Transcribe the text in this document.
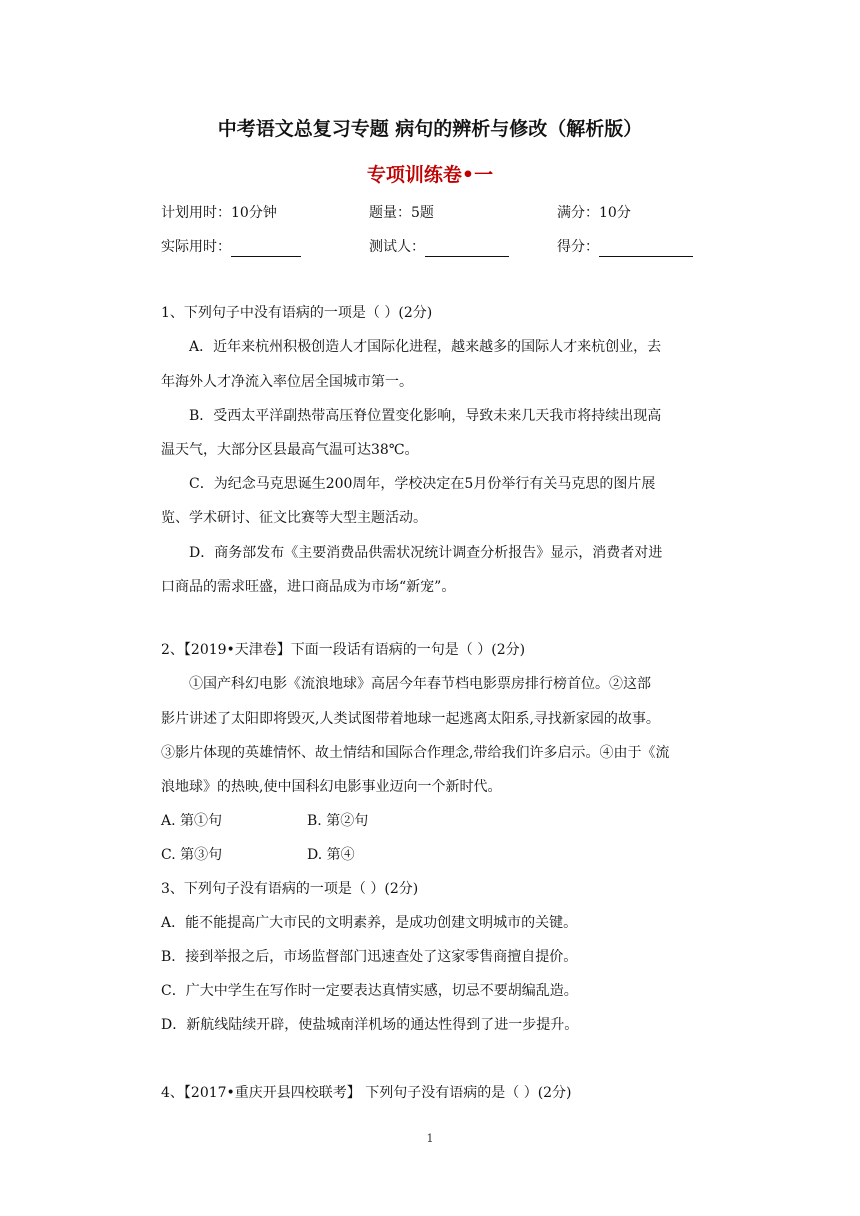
中考语文总复习专题 病句的辨析与修改（解析版）
专项训练卷•一
计划用时：10分钟	题量：5题	满分：10分
实际用时：	测试人：	得分：
1、下列句子中没有语病的一项是（ ）(2分)
A．近年来杭州积极创造人才国际化进程，越来越多的国际人才来杭创业，去
年海外人才净流入率位居全国城市第一。
B．受西太平洋副热带高压脊位置变化影响，导致未来几天我市将持续出现高
温天气，大部分区县最高气温可达38℃。
C．为纪念马克思诞生200周年，学校决定在5月份举行有关马克思的图片展
览、学术研讨、征文比赛等大型主题活动。
D．商务部发布《主要消费品供需状况统计调查分析报告》显示，消费者对进
口商品的需求旺盛，进口商品成为市场“新宠”。
2、【2019•天津卷】下面一段话有语病的一句是（ ）(2分)
①国产科幻电影《流浪地球》高居今年春节档电影票房排行榜首位。②这部
影片讲述了太阳即将毁灭,人类试图带着地球一起逃离太阳系,寻找新家园的故事。
③影片体现的英雄情怀、故土情结和国际合作理念,带给我们许多启示。④由于《流
浪地球》的热映,使中国科幻电影事业迈向一个新时代。
A. 第①句	B. 第②句
C. 第③句	D. 第④
3、下列句子没有语病的一项是（ ）(2分)
A．能不能提高广大市民的文明素养，是成功创建文明城市的关键。
B．接到举报之后，市场监督部门迅速查处了这家零售商擅自提价。
C．广大中学生在写作时一定要表达真情实感，切忌不要胡编乱造。
D．新航线陆续开辟，使盐城南洋机场的通达性得到了进一步提升。
4、【2017•重庆开县四校联考】 下列句子没有语病的是（ ）(2分)
1
